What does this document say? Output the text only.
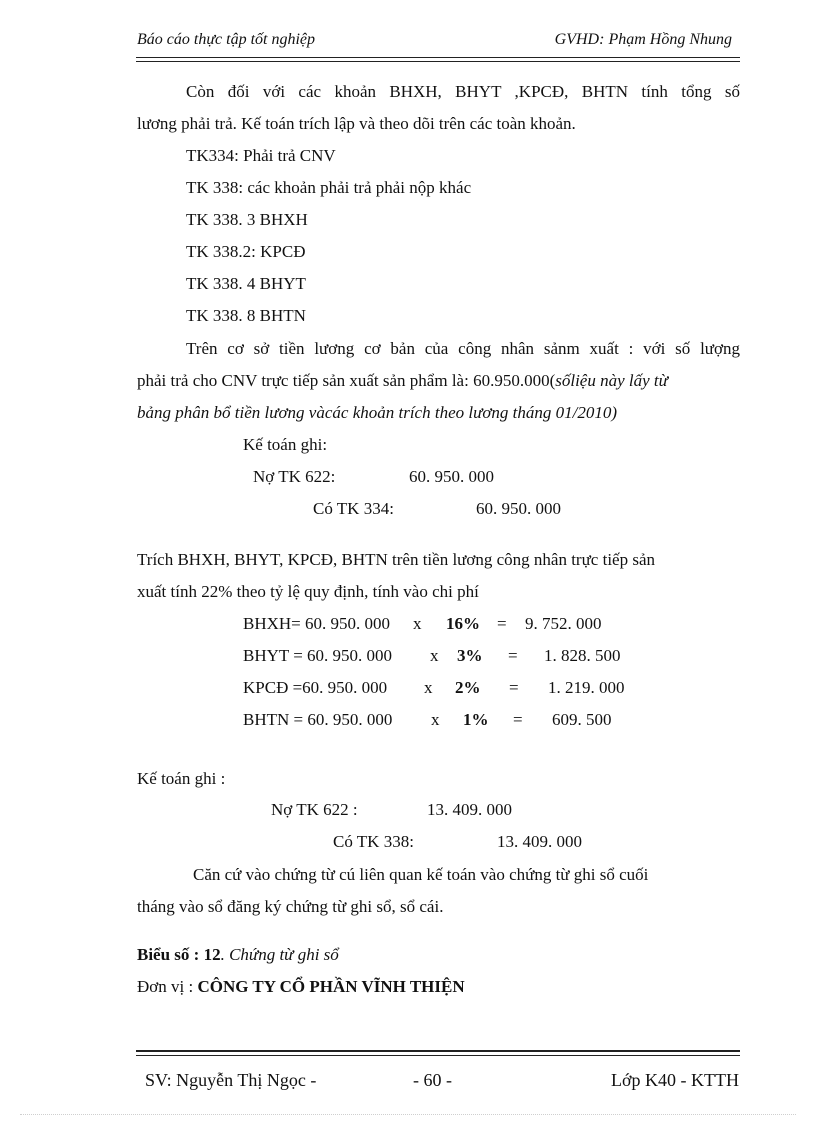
Báo cáo thực tập tốt nghiệp	GVHD: Phạm Hồng Nhung
Còn đối với các khoản BHXH, BHYT ,KPCĐ, BHTN tính tổng số
lương phải trả. Kế toán trích lập và theo dõi trên các toàn khoản.
TK334: Phải trả CNV
TK 338: các khoản phải trả phải nộp khác
TK 338. 3 BHXH
TK 338.2: KPCĐ
TK 338. 4 BHYT
TK 338. 8 BHTN
Trên cơ sở tiền lương cơ bản của công nhân sảnm xuất : với số lượng
phải trả cho CNV trực tiếp sản xuất sản phẩm là: 60.950.000(sốliệu này lấy từ
bảng phân bổ tiền lương vàcác khoản trích theo lương tháng 01/2010)
Kế toán ghi:
Nợ TK 622:	60. 950. 000
Có TK 334:	60. 950. 000
Trích BHXH, BHYT, KPCĐ, BHTN trên tiền lương công nhân trực tiếp sản
xuất tính 22% theo tỷ lệ quy định, tính vào chi phí
BHXH= 60. 950. 000 x 16% = 9. 752. 000
BHYT = 60. 950. 000 x 3% = 1. 828. 500
KPCĐ =60. 950. 000 x 2% = 1. 219. 000
BHTN = 60. 950. 000 x 1% = 609. 500
Kế toán ghi :
Nợ TK 622 :	13. 409. 000
Có TK 338:	13. 409. 000
Căn cứ vào chứng từ cú liên quan kế toán vào chứng từ ghi sổ cuối
tháng vào sổ đăng ký chứng từ ghi sổ, sổ cái.
Biểu số : 12. Chứng từ ghi sổ
Đơn vị : CÔNG TY CỔ PHẦN VĨNH THIỆN
SV: Nguyễn Thị Ngọc -	- 60 -	Lớp K40 - KTTH
